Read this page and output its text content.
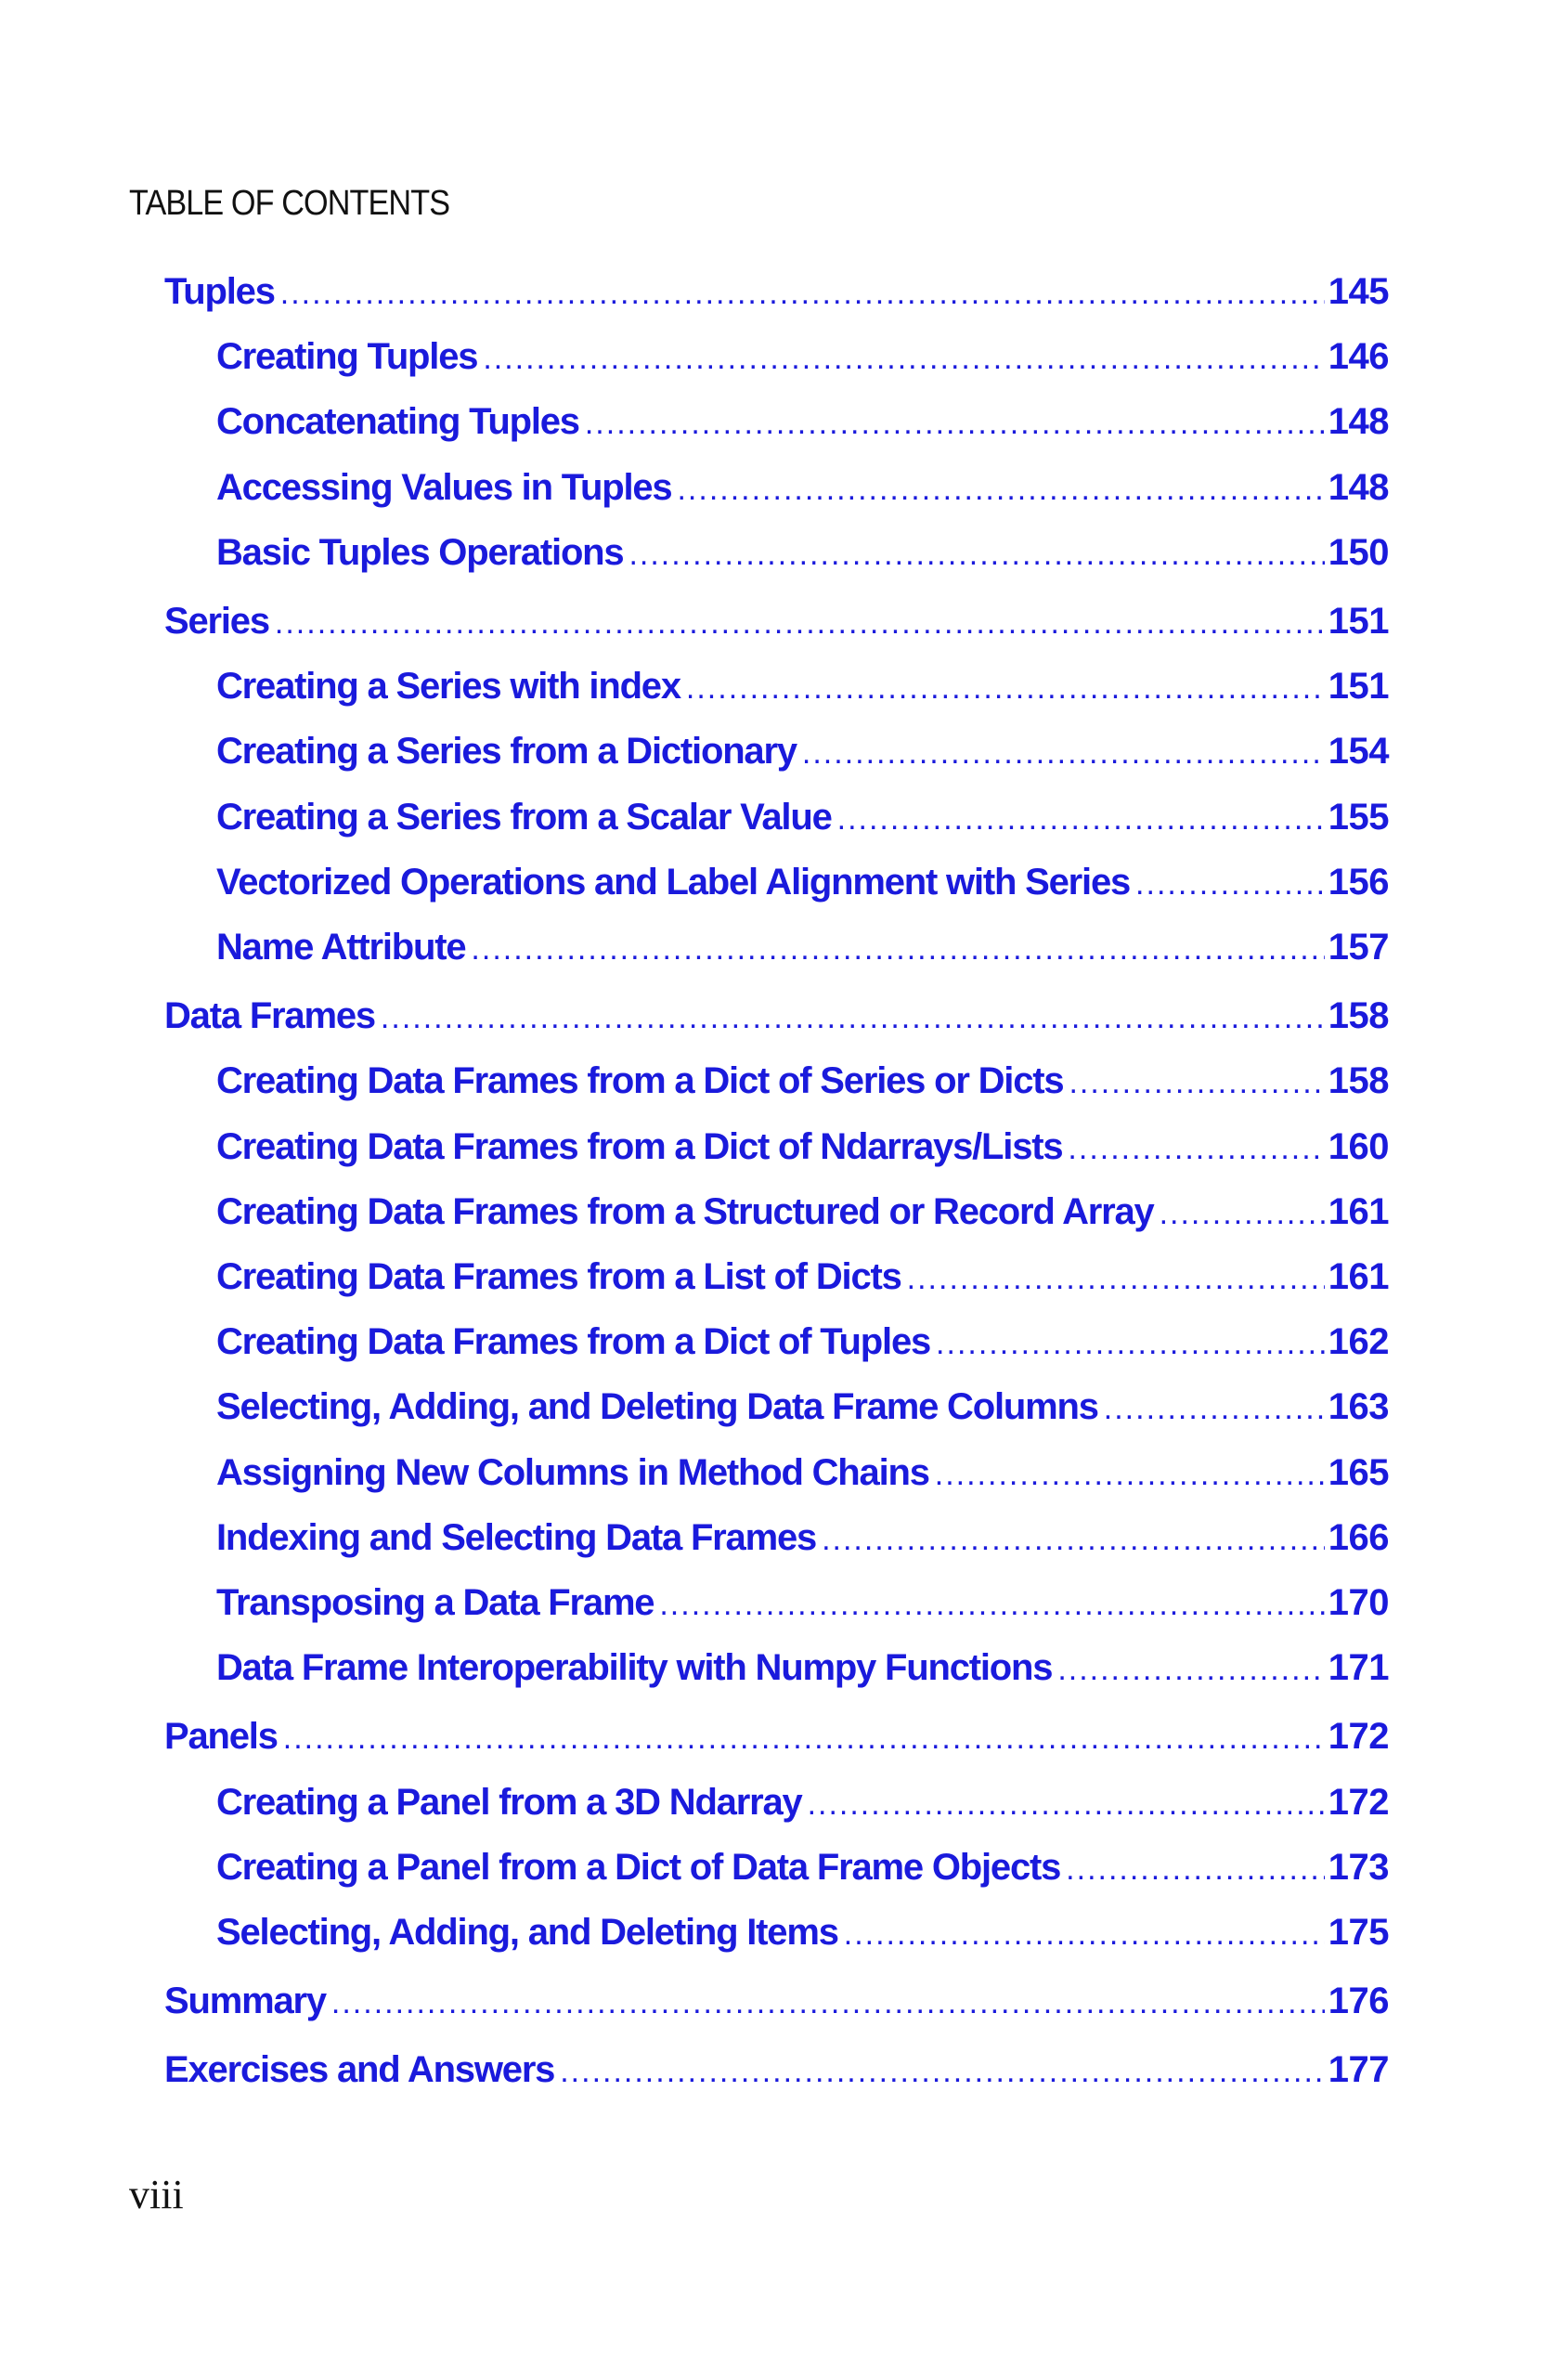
TABLE OF CONTENTS
Tuples .....	145
Creating Tuples .....	146
Concatenating Tuples .....	148
Accessing Values in Tuples .....	148
Basic Tuples Operations .....	150
Series .....	151
Creating a Series with index .....	151
Creating a Series from a Dictionary .....	154
Creating a Series from a Scalar Value .....	155
Vectorized Operations and Label Alignment with Series .....	156
Name Attribute .....	157
Data Frames .....	158
Creating Data Frames from a Dict of Series or Dicts .....	158
Creating Data Frames from a Dict of Ndarrays/Lists .....	160
Creating Data Frames from a Structured or Record Array .....	161
Creating Data Frames from a List of Dicts .....	161
Creating Data Frames from a Dict of Tuples .....	162
Selecting, Adding, and Deleting Data Frame Columns .....	163
Assigning New Columns in Method Chains .....	165
Indexing and Selecting Data Frames .....	166
Transposing a Data Frame .....	170
Data Frame Interoperability with Numpy Functions .....	171
Panels .....	172
Creating a Panel from a 3D Ndarray .....	172
Creating a Panel from a Dict of Data Frame Objects .....	173
Selecting, Adding, and Deleting Items .....	175
Summary .....	176
Exercises and Answers .....	177
viii
